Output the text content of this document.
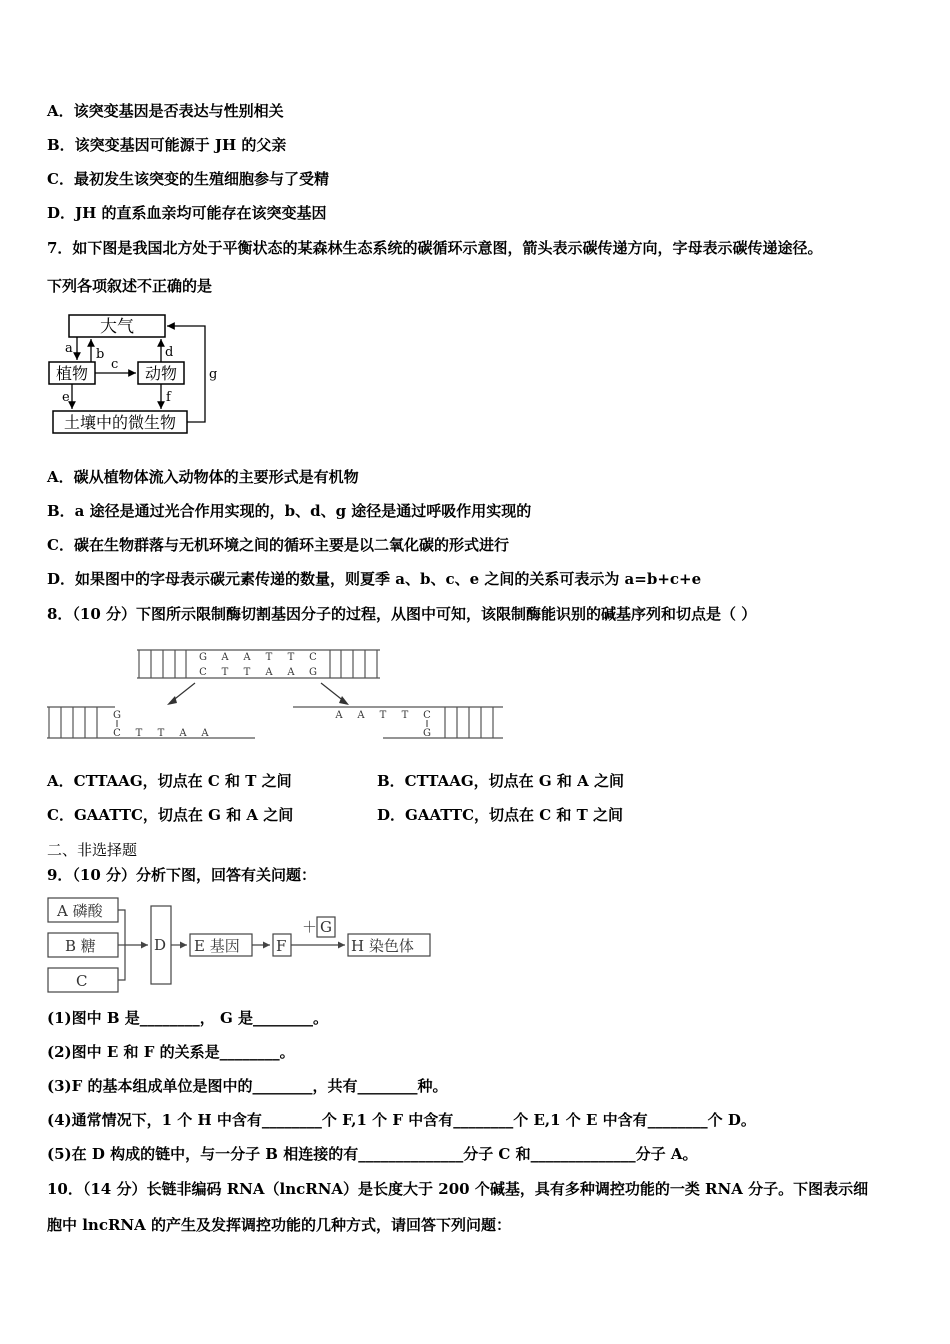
A．该突变基因是否表达与性别相关
B．该突变基因可能源于 JH 的父亲
C．最初发生该突变的生殖细胞参与了受精
D．JH 的直系血亲均可能存在该突变基因
7．如下图是我国北方处于平衡状态的某森林生态系统的碳循环示意图，箭头表示碳传递方向，字母表示碳传递途径。
下列各项叙述不正确的是
大气
植物	动物
土壤中的微生物
a b
c
d
e	f
g
A．碳从植物体流入动物体的主要形式是有机物
B．a 途径是通过光合作用实现的，b、d、g 途径是通过呼吸作用实现的
C．碳在生物群落与无机环境之间的循环主要是以二氧化碳的形式进行
D．如果图中的字母表示碳元素传递的数量，则夏季 a、b、c、e 之间的关系可表示为 a=b+c+e
8．（10 分）下图所示限制酶切割基因分子的过程，从图中可知，该限制酶能识别的碱基序列和切点是（ ）
G A A T T C
C T T A A G
G
C T T A A
A A T T C
G
A．CTTAAG，切点在 C 和 T 之间	B．CTTAAG，切点在 G 和 A 之间
C．GAATTC，切点在 G 和 A 之间	D．GAATTC，切点在 C 和 T 之间
二、非选择题
9．（10 分）分析下图，回答有关问题：
A 磷酸
B 糖
C
D E 基因 F
＋ G
H 染色体
(1)图中 B 是________， G 是________。
(2)图中 E 和 F 的关系是________。
(3)F 的基本组成单位是图中的________，共有________种。
(4)通常情况下，1 个 H 中含有________个 F,1 个 F 中含有________个 E,1 个 E 中含有________个 D。
(5)在 D 构成的链中，与一分子 B 相连接的有______________分子 C 和______________分子 A。
10．（14 分）长链非编码 RNA（lncRNA）是长度大于 200 个碱基，具有多种调控功能的一类 RNA 分子。下图表示细
胞中 lncRNA 的产生及发挥调控功能的几种方式，请回答下列问题：
